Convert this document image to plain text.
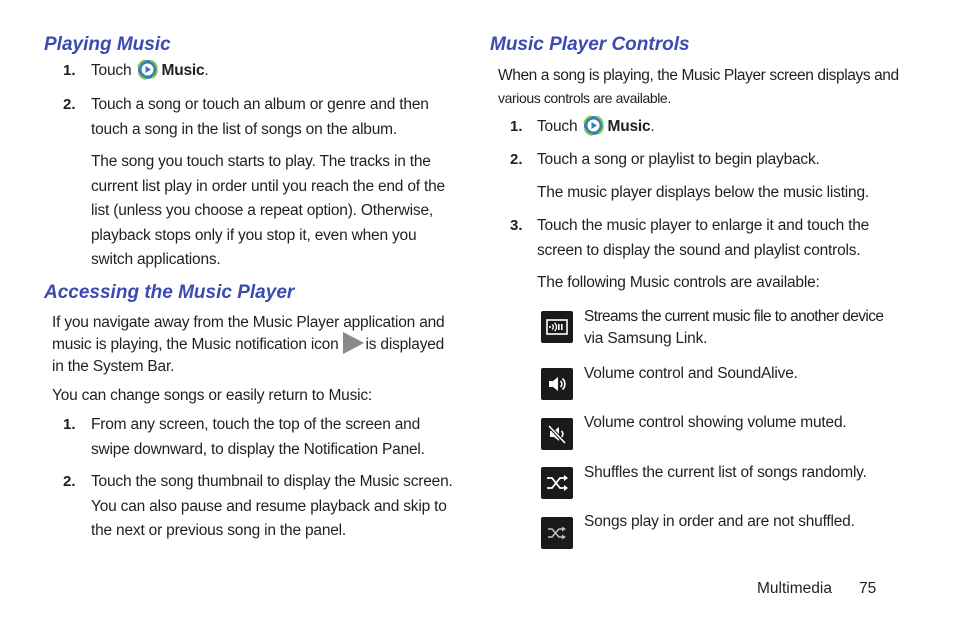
Playing Music
1. Touch Music.

2. Touch a song or touch an album or genre and then
touch a song in the list of songs on the album.

The song you touch starts to play. The tracks in the
current list play in order until you reach the end of the
list (unless you choose a repeat option). Otherwise,
playback stops only if you stop it, even when you
switch applications.

Accessing the Music Player

If you navigate away from the Music Player application and
music is playing, the Music notification icon is displayed
in the System Bar.

You can change songs or easily return to Music:

1. From any screen, touch the top of the screen and
swipe downward, to display the Notification Panel.

2. Touch the song thumbnail to display the Music screen.
You can also pause and resume playback and skip to
the next or previous song in the panel.

Music Player Controls

When a song is playing, the Music Player screen displays and
various controls are available.

1. Touch Music.

2. Touch a song or playlist to begin playback.

The music player displays below the music listing.

3. Touch the music player to enlarge it and touch the
screen to display the sound and playlist controls.

The following Music controls are available:

Streams the current music file to another device
via Samsung Link.

Volume control and SoundAlive.

Volume control showing volume muted.

Shuffles the current list of songs randomly.

Songs play in order and are not shuffled.

Multimedia 75
